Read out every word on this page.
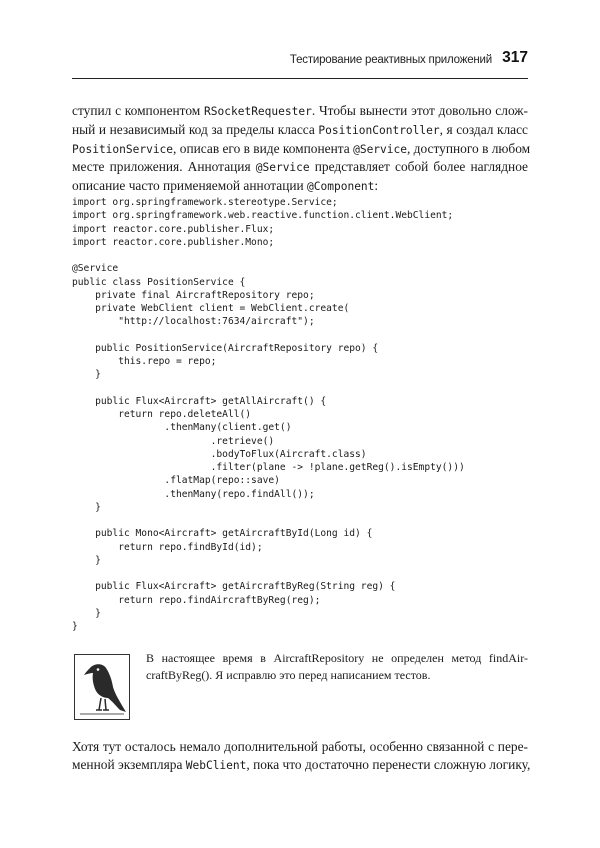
Тестирование реактивных приложений 317
ступил с компонентом RSocketRequester. Чтобы вынести этот довольно слож-
ный и независимый код за пределы класса PositionController, я создал класс
PositionService, описав его в виде компонента @Service, доступного в любом
месте приложения. Аннотация @Service представляет собой более наглядное
описание часто применяемой аннотации @Component:
import org.springframework.stereotype.Service;
import org.springframework.web.reactive.function.client.WebClient;
import reactor.core.publisher.Flux;
import reactor.core.publisher.Mono;

@Service
public class PositionService {
private final AircraftRepository repo;
private WebClient client = WebClient.create(
"http://localhost:7634/aircraft");

public PositionService(AircraftRepository repo) {
this.repo = repo;
}

public Flux<Aircraft> getAllAircraft() {
return repo.deleteAll()
.thenMany(client.get()
.retrieve()
.bodyToFlux(Aircraft.class)
.filter(plane -> !plane.getReg().isEmpty()))
.flatMap(repo::save)
.thenMany(repo.findAll());
}

public Mono<Aircraft> getAircraftById(Long id) {
return repo.findById(id);
}

public Flux<Aircraft> getAircraftByReg(String reg) {
return repo.findAircraftByReg(reg);
}
}
В настоящее время в AircraftRepository не определен метод findAir-
craftByReg(). Я исправлю это перед написанием тестов.
Хотя тут осталось немало дополнительной работы, особенно связанной с пере-
менной экземпляра WebClient, пока что достаточно перенести сложную логику,
